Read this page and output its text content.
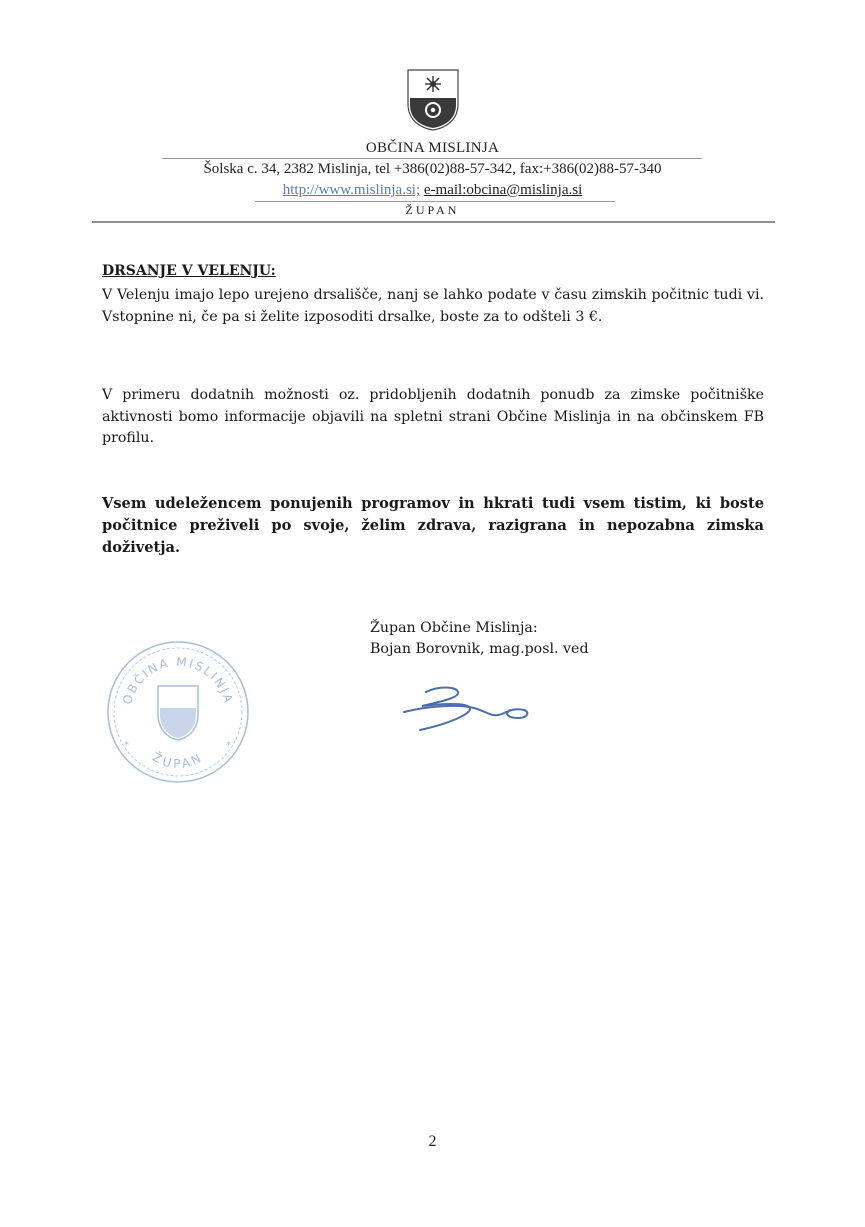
OBČINA MISLINJA
Šolska c. 34, 2382 Mislinja, tel +386(02)88-57-342, fax:+386(02)88-57-340
http://www.mislinja.si; e-mail:obcina@mislinja.si
ŽUPAN
DRSANJE V VELENJU:
V Velenju imajo lepo urejeno drsališče, nanj se lahko podate v času zimskih počitnic tudi vi. Vstopnine ni, če pa si želite izposoditi drsalke, boste za to odšteli 3 €.
V primeru dodatnih možnosti oz. pridobljenih dodatnih ponudb za zimske počitniške aktivnosti bomo informacije objavili na spletni strani Občine Mislinja in na občinskem FB profilu.
Vsem udeležencem ponujenih programov in hkrati tudi vsem tistim, ki boste počitnice preživeli po svoje, želim zdrava, razigrana in nepozabna zimska doživetja.
Župan Občine Mislinja:
Bojan Borovnik, mag.posl. ved
OBČINA MISLINJA
ŽUPAN
*	*
2
